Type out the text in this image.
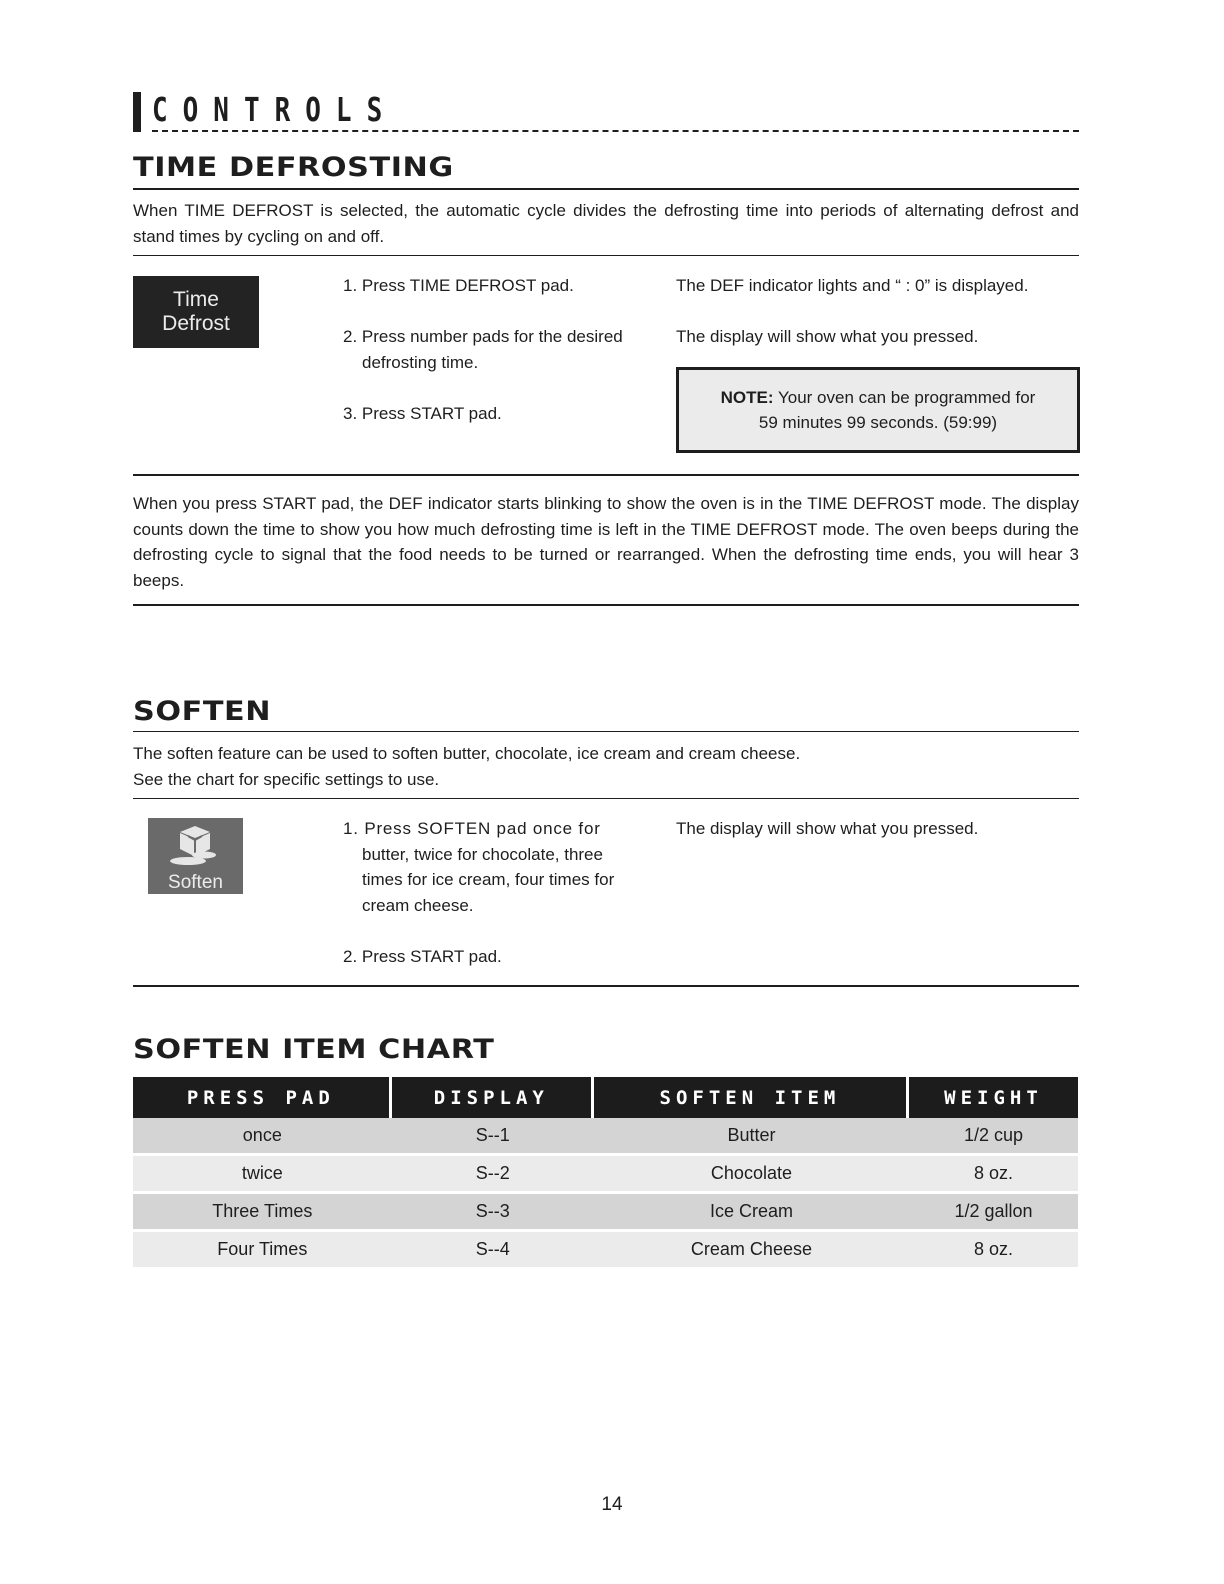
CONTROLS
TIME DEFROSTING
When TIME DEFROST is selected, the automatic cycle divides the defrosting time into periods of alternating defrost and stand times by cycling on and off.
Time
Defrost
1. Press TIME DEFROST pad.
2. Press number pads for the desired
defrosting time.
3. Press START pad.
The DEF indicator lights and “ : 0” is displayed.
The display will show what you pressed.
NOTE: Your oven can be programmed for
59 minutes 99 seconds. (59:99)
When you press START pad, the DEF indicator starts blinking to show the oven is in the TIME DEFROST mode. The display counts down the time to show you how much defrosting time is left in the TIME DEFROST mode. The oven beeps during the defrosting cycle to signal that the food needs to be turned or rearranged. When the defrosting time ends, you will hear 3 beeps.
SOFTEN
The soften feature can be used to soften butter, chocolate, ice cream and cream cheese.
See the chart for specific settings to use.
Soften
1. Press SOFTEN pad once for
butter, twice for chocolate, three
times for ice cream, four times for
cream cheese.
2. Press START pad.
The display will show what you pressed.
SOFTEN ITEM CHART
PRESS PAD	DISPLAY	SOFTEN ITEM	WEIGHT
once	S--1	Butter	1/2 cup
twice	S--2	Chocolate	8 oz.
Three Times	S--3	Ice Cream	1/2 gallon
Four Times	S--4	Cream Cheese	8 oz.
14
